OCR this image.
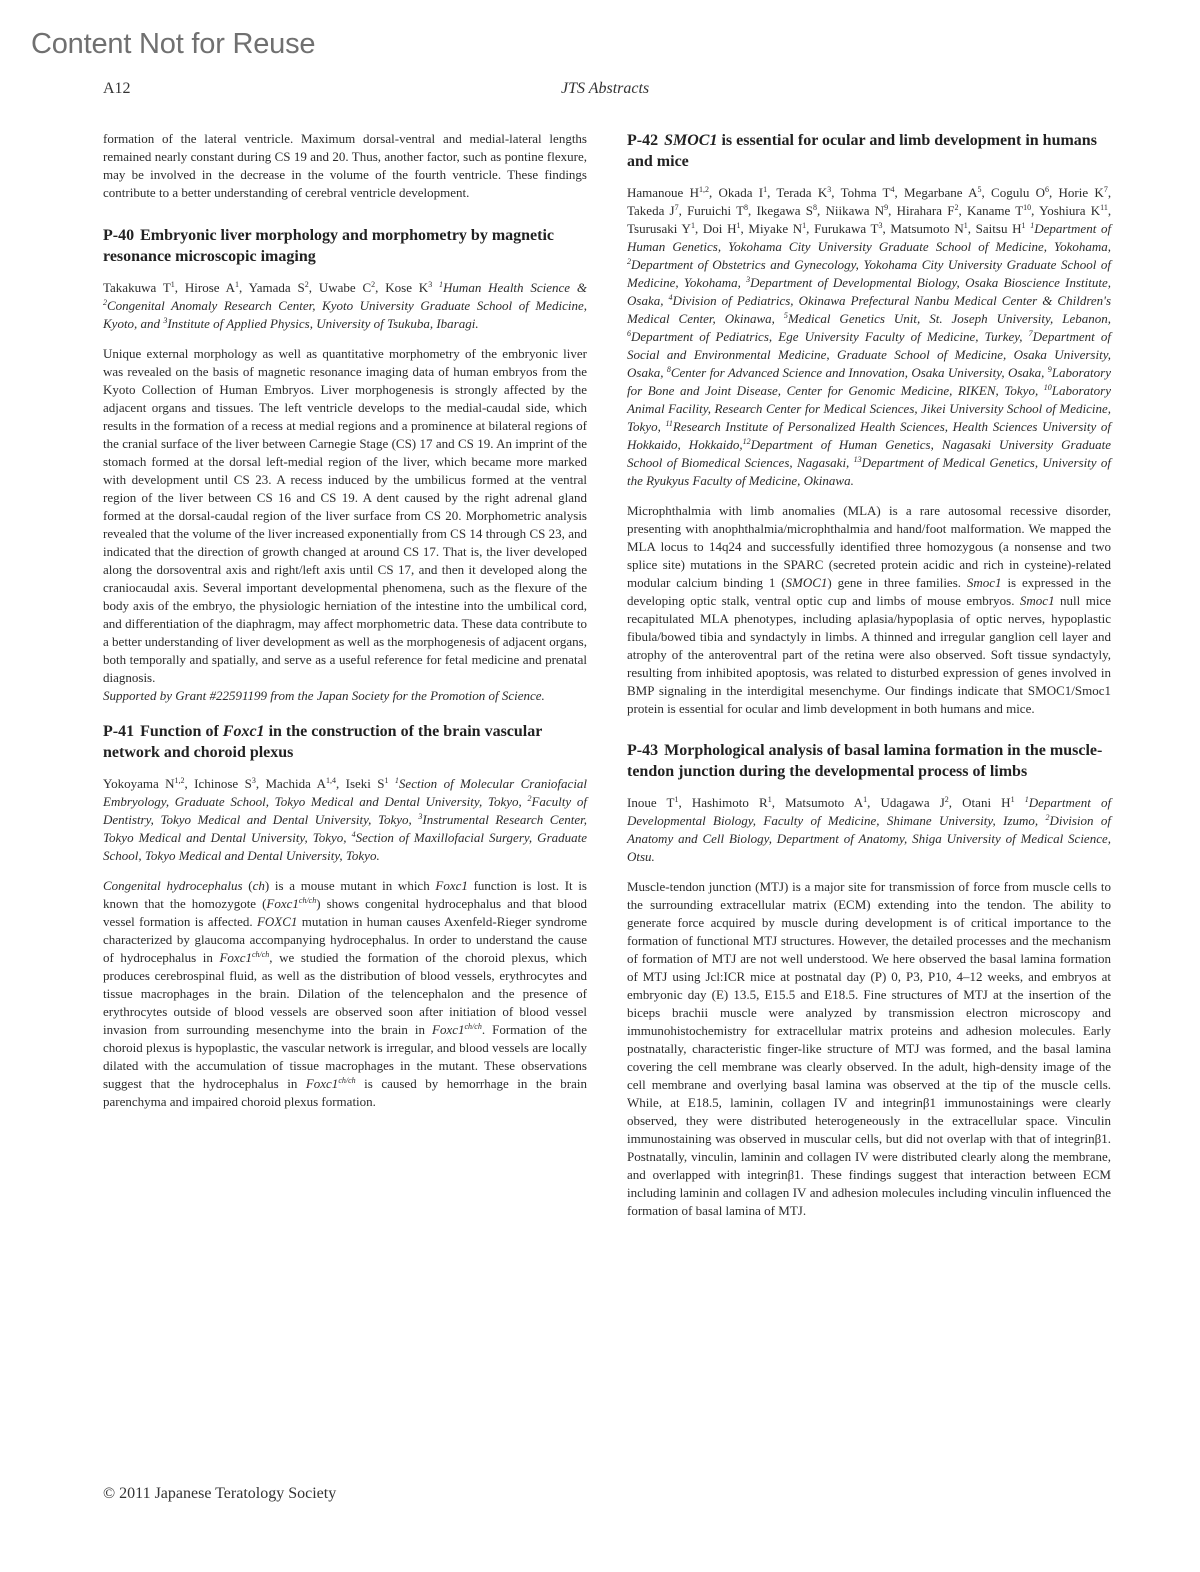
Content Not for Reuse
A12	JTS Abstracts

formation of the lateral ventricle. Maximum dorsal-ventral and medial-lateral lengths remained nearly constant during CS 19 and 20. Thus, another factor, such as pontine flexure, may be involved in the decrease in the volume of the fourth ventricle. These findings contribute to a better understanding of cerebral ventricle development.

P-40 Embryonic liver morphology and morphometry by magnetic resonance microscopic imaging

Takakuwa $T^1$, Hirose $A^1$, Yamada $S^2$, Uwabe $C^2$, Kose $K^3$ $^1$Human Health Science & $^2$Congenital Anomaly Research Center, Kyoto University Graduate School of Medicine, Kyoto, and $^3$Institute of Applied Physics, University of Tsukuba, Ibaragi.

Unique external morphology as well as quantitative morphometry of the embryonic liver was revealed on the basis of magnetic resonance imaging data of human embryos from the Kyoto Collection of Human Embryos. Liver morphogenesis is strongly affected by the adjacent organs and tissues. The left ventricle develops to the medial-caudal side, which results in the formation of a recess at medial regions and a prominence at bilateral regions of the cranial surface of the liver between Carnegie Stage (CS) 17 and CS 19. An imprint of the stomach formed at the dorsal left-medial region of the liver, which became more marked with development until CS 23. A recess induced by the umbilicus formed at the ventral region of the liver between CS 16 and CS 19. A dent caused by the right adrenal gland formed at the dorsal-caudal region of the liver surface from CS 20. Morphometric analysis revealed that the volume of the liver increased exponentially from CS 14 through CS 23, and indicated that the direction of growth changed at around CS 17. That is, the liver developed along the dorsoventral axis and right/left axis until CS 17, and then it developed along the craniocaudal axis. Several important developmental phenomena, such as the flexure of the body axis of the embryo, the physiologic herniation of the intestine into the umbilical cord, and differentiation of the diaphragm, may affect morphometric data. These data contribute to a better understanding of liver development as well as the morphogenesis of adjacent organs, both temporally and spatially, and serve as a useful reference for fetal medicine and prenatal diagnosis.

Supported by Grant #22591199 from the Japan Society for the Promotion of Science.

P-41 Function of Foxc1 in the construction of the brain vascular network and choroid plexus

Yokoyama N$^{1,2}$, Ichinose $S^3$, Machida A$^{1,4}$, Iseki $S^1$ $^1$Section of Molecular Craniofacial Embryology, Graduate School, Tokyo Medical and Dental University, Tokyo, $^2$Faculty of Dentistry, Tokyo Medical and Dental University, Tokyo, $^3$Instrumental Research Center, Tokyo Medical and Dental University, Tokyo, $^4$Section of Maxillofacial Surgery, Graduate School, Tokyo Medical and Dental University, Tokyo.

Congenital hydrocephalus (ch) is a mouse mutant in which Foxc1 function is lost. It is known that the homozygote $(Foxc1^{ch/ch})$ shows congenital hydrocephalus and that blood vessel formation is affected. FOXC1 mutation in human causes Axenfeld-Rieger syndrome characterized by glaucoma accompanying hydrocephalus. In order to understand the cause of hydrocephalus in $Foxc1^{ch/ch}$, we studied the formation of the choroid plexus, which produces cerebrospinal fluid, as well as the distribution of blood vessels, erythrocytes and tissue macrophages in the brain. Dilation of the telencephalon and the presence of erythrocytes outside of blood vessels are observed soon after initiation of blood vessel invasion from surrounding mesenchyme into the brain in $Foxc1^{ch/ch}$. Formation of the choroid plexus is hypoplastic, the vascular network is irregular, and blood vessels are locally dilated with the accumulation of tissue macrophages in the mutant. These observations suggest that the hydrocephalus in $Foxc1^{ch/ch}$ is caused by hemorrhage in the brain parenchyma and impaired choroid plexus formation.

P-42 SMOC1 is essential for ocular and limb development in humans and mice

Hamanoue H$^{1,2}$, Okada $I^1$, Terada $K^3$, Tohma $T^4$, Megarbane $A^5$, Cogulu $O^6$, Horie $K^7$, Takeda $J^7$, Furuichi $T^8$, Ikegawa $S^8$, Niikawa $N^9$, Hirahara $F^2$, Kaname $T^{10}$, Yoshiura $K^{11}$, Tsurusaki $Y^1$, Doi $H^1$, Miyake $N^1$, Furukawa $T^3$, Matsumoto $N^1$, Saitsu $H^1$ $^1$Department of Human Genetics, Yokohama City University Graduate School of Medicine, Yokohama, $^2$Department of Obstetrics and Gynecology, Yokohama City University Graduate School of Medicine, Yokohama, $^3$Department of Developmental Biology, Osaka Bioscience Institute, Osaka, $^4$Division of Pediatrics, Okinawa Prefectural Nanbu Medical Center & Children's Medical Center, Okinawa, $^5$Medical Genetics Unit, St. Joseph University, Lebanon, $^6$Department of Pediatrics, Ege University Faculty of Medicine, Turkey, $^7$Department of Social and Environmental Medicine, Graduate School of Medicine, Osaka University, Osaka, $^8$Center for Advanced Science and Innovation, Osaka University, Osaka, $^9$Laboratory for Bone and Joint Disease, Center for Genomic Medicine, RIKEN, Tokyo, $^{10}$Laboratory Animal Facility, Research Center for Medical Sciences, Jikei University School of Medicine, Tokyo, $^{11}$Research Institute of Personalized Health Sciences, Health Sciences University of Hokkaido, Hokkaido,$^{12}$Department of Human Genetics, Nagasaki University Graduate School of Biomedical Sciences, Nagasaki, $^{13}$Department of Medical Genetics, University of the Ryukyus Faculty of Medicine, Okinawa.

Microphthalmia with limb anomalies (MLA) is a rare autosomal recessive disorder, presenting with anophthalmia/microphthalmia and hand/foot malformation. We mapped the MLA locus to 14q24 and successfully identified three homozygous (a nonsense and two splice site) mutations in the SPARC (secreted protein acidic and rich in cysteine)-related modular calcium binding 1 (SMOC1) gene in three families. Smoc1 is expressed in the developing optic stalk, ventral optic cup and limbs of mouse embryos. Smoc1 null mice recapitulated MLA phenotypes, including aplasia/hypoplasia of optic nerves, hypoplastic fibula/bowed tibia and syndactyly in limbs. A thinned and irregular ganglion cell layer and atrophy of the anteroventral part of the retina were also observed. Soft tissue syndactyly, resulting from inhibited apoptosis, was related to disturbed expression of genes involved in BMP signaling in the interdigital mesenchyme. Our findings indicate that SMOC1/Smoc1 protein is essential for ocular and limb development in both humans and mice.

P-43 Morphological analysis of basal lamina formation in the muscle-tendon junction during the developmental process of limbs

Inoue $T^1$, Hashimoto $R^1$, Matsumoto $A^1$, Udagawa $J^2$, Otani $H^1$ $^1$Department of Developmental Biology, Faculty of Medicine, Shimane University, Izumo, $^2$Division of Anatomy and Cell Biology, Department of Anatomy, Shiga University of Medical Science, Otsu.

Muscle-tendon junction (MTJ) is a major site for transmission of force from muscle cells to the surrounding extracellular matrix (ECM) extending into the tendon. The ability to generate force acquired by muscle during development is of critical importance to the formation of functional MTJ structures. However, the detailed processes and the mechanism of formation of MTJ are not well understood. We here observed the basal lamina formation of MTJ using Jcl:ICR mice at postnatal day (P) 0, P3, P10, 4–12 weeks, and embryos at embryonic day (E) 13.5, E15.5 and E18.5. Fine structures of MTJ at the insertion of the biceps brachii muscle were analyzed by transmission electron microscopy and immunohistochemistry for extracellular matrix proteins and adhesion molecules. Early postnatally, characteristic finger-like structure of MTJ was formed, and the basal lamina covering the cell membrane was clearly observed. In the adult, high-density image of the cell membrane and overlying basal lamina was observed at the tip of the muscle cells. While, at E18.5, laminin, collagen IV and integrinβ1 immunostainings were clearly observed, they were distributed heterogeneously in the extracellular space. Vinculin immunostaining was observed in muscular cells, but did not overlap with that of integrinβ1. Postnatally, vinculin, laminin and collagen IV were distributed clearly along the membrane, and overlapped with integrinβ1. These findings suggest that interaction between ECM including laminin and collagen IV and adhesion molecules including vinculin influenced the formation of basal lamina of MTJ.

© 2011 Japanese Teratology Society
